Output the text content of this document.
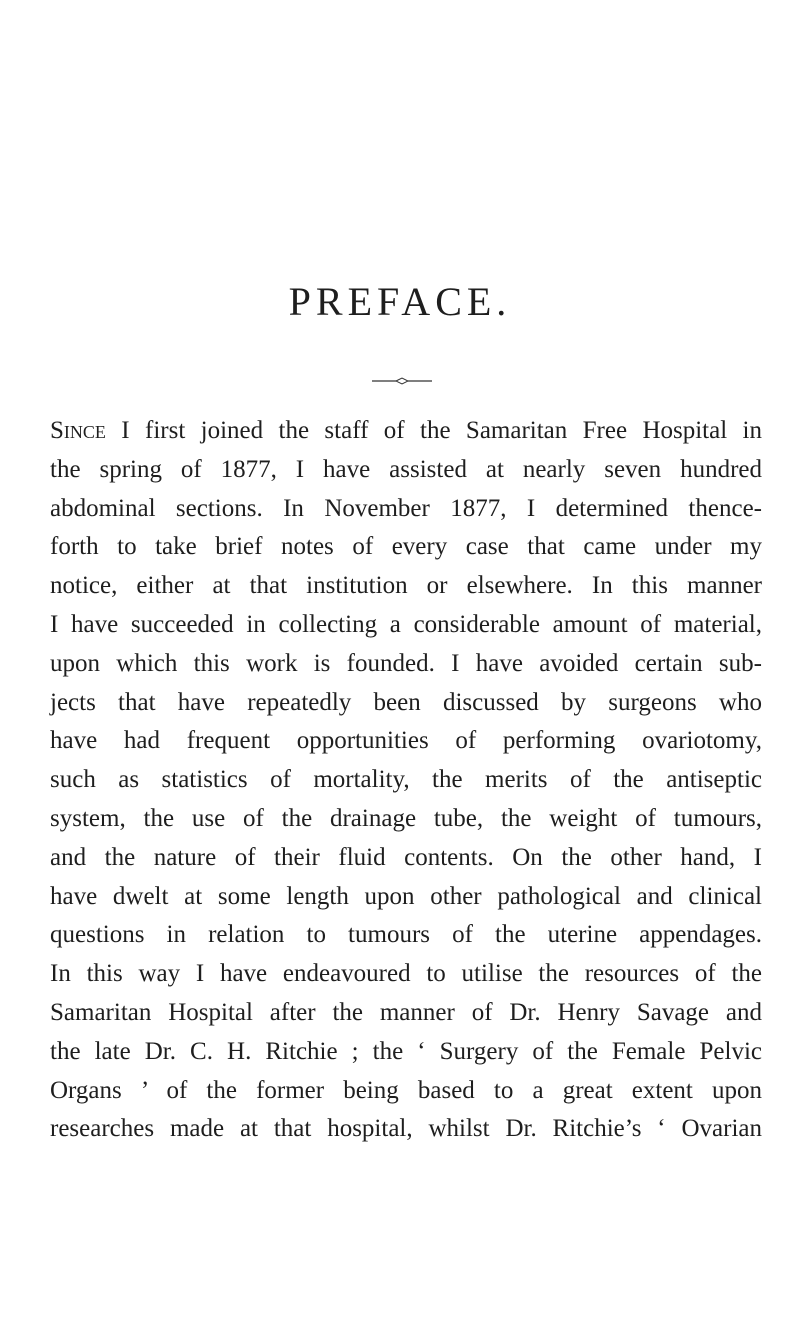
PREFACE.
Since I first joined the staff of the Samaritan Free Hospital in
the spring of 1877, I have assisted at nearly seven hundred
abdominal sections. In November 1877, I determined thence-
forth to take brief notes of every case that came under my
notice, either at that institution or elsewhere. In this manner
I have succeeded in collecting a considerable amount of material,
upon which this work is founded. I have avoided certain sub-
jects that have repeatedly been discussed by surgeons who
have had frequent opportunities of performing ovariotomy,
such as statistics of mortality, the merits of the antiseptic
system, the use of the drainage tube, the weight of tumours,
and the nature of their fluid contents. On the other hand, I
have dwelt at some length upon other pathological and clinical
questions in relation to tumours of the uterine appendages.
In this way I have endeavoured to utilise the resources of the
Samaritan Hospital after the manner of Dr. Henry Savage and
the late Dr. C. H. Ritchie ; the ‘ Surgery of the Female Pelvic
Organs ’ of the former being based to a great extent upon
researches made at that hospital, whilst Dr. Ritchie’s ‘ Ovarian
